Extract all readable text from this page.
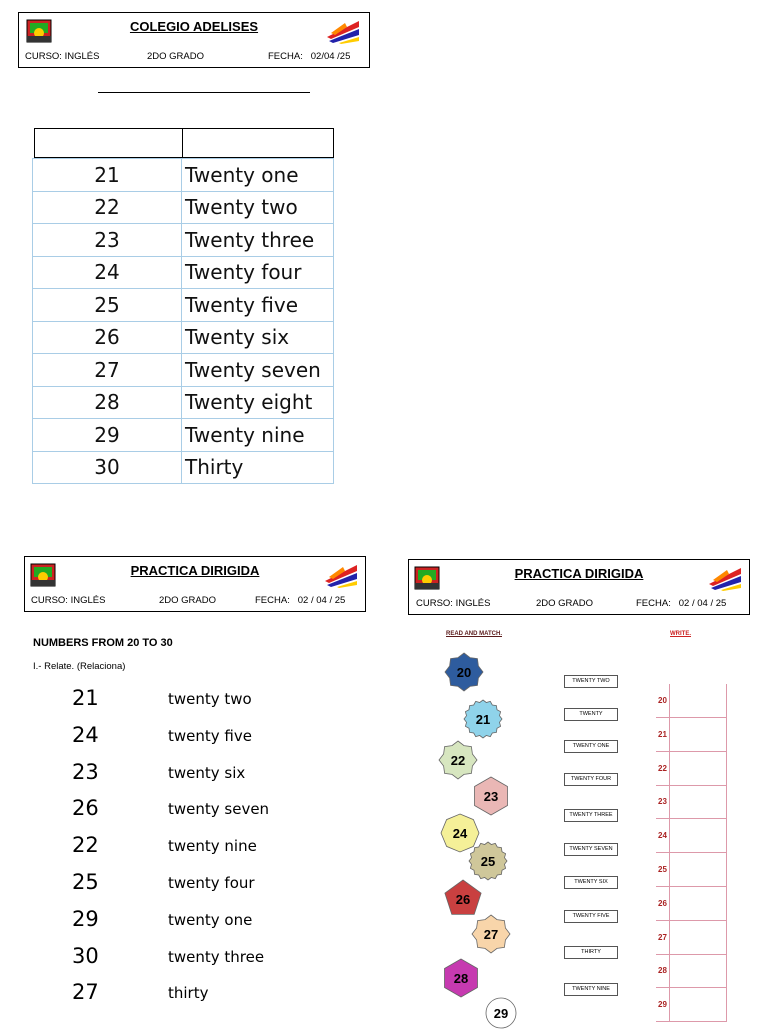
COLEGIO ADELISES
CURSO: INGLÉS	2DO GRADO	FECHA:   02/04 /25
21	Twenty one
22	Twenty two
23	Twenty three
24	Twenty four
25	Twenty five
26	Twenty six
27	Twenty seven
28	Twenty eight
29	Twenty nine
30	Thirty
PRACTICA DIRIGIDA
CURSO: INGLÉS	2DO GRADO	FECHA:   02 / 04 / 25
NUMBERS FROM 20 TO 30
I.- Relate. (Relaciona)
21	twenty two
24	twenty five
23	twenty six
26	twenty seven
22	twenty nine
25	twenty four
29	twenty one
30	twenty three
27	thirty
PRACTICA DIRIGIDA
CURSO: INGLÉS	2DO GRADO	FECHA:   02 / 04 / 25
READ AND MATCH.	WRITE.
20
21
22
23
24
25
26
27
28
29
TWENTY TWO
TWENTY
TWENTY ONE
TWENTY FOUR
TWENTY THREE
TWENTY SEVEN
TWENTY SIX
TWENTY FIVE
THIRTY
TWENTY NINE
20
21
22
23
24
25
26
27
28
29
